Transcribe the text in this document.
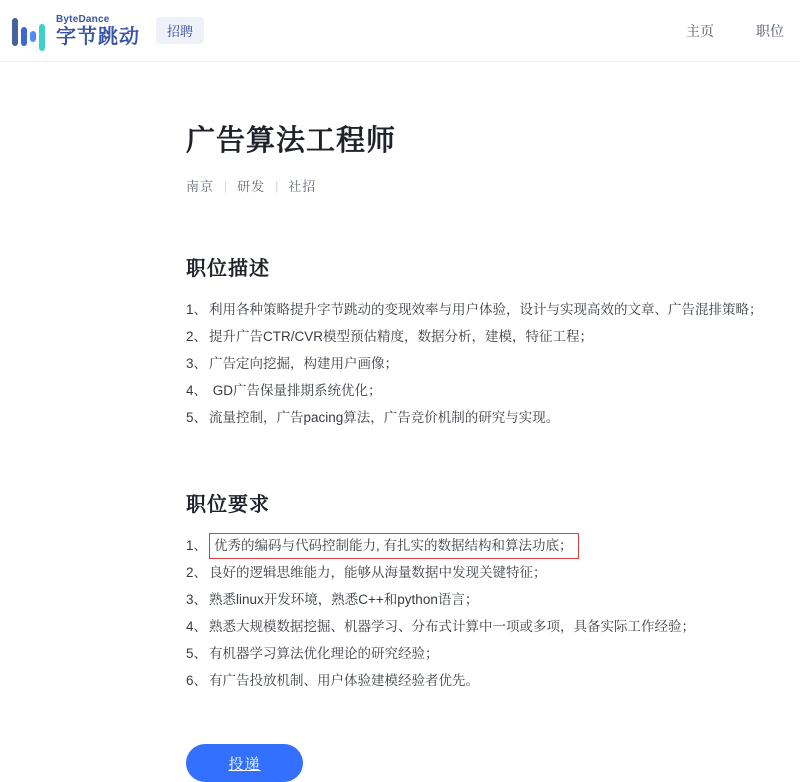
ByteDance
字节跳动	招聘	主页	职位
广告算法工程师
南京 | 研发 | 社招
职位描述
1、 利用各种策略提升字节跳动的变现效率与用户体验，设计与实现高效的文章、广告混排策略；
2、 提升广告CTR/CVR模型预估精度，数据分析，建模，特征工程；
3、 广告定向挖掘，构建用户画像；
4、 GD广告保量排期系统优化；
5、 流量控制，广告pacing算法，广告竞价机制的研究与实现。
职位要求
1、 优秀的编码与代码控制能力, 有扎实的数据结构和算法功底；
2、 良好的逻辑思维能力，能够从海量数据中发现关键特征；
3、 熟悉linux开发环境，熟悉C++和python语言；
4、 熟悉大规模数据挖掘、机器学习、分布式计算中一项或多项，具备实际工作经验；
5、 有机器学习算法优化理论的研究经验；
6、 有广告投放机制、用户体验建模经验者优先。
投递
